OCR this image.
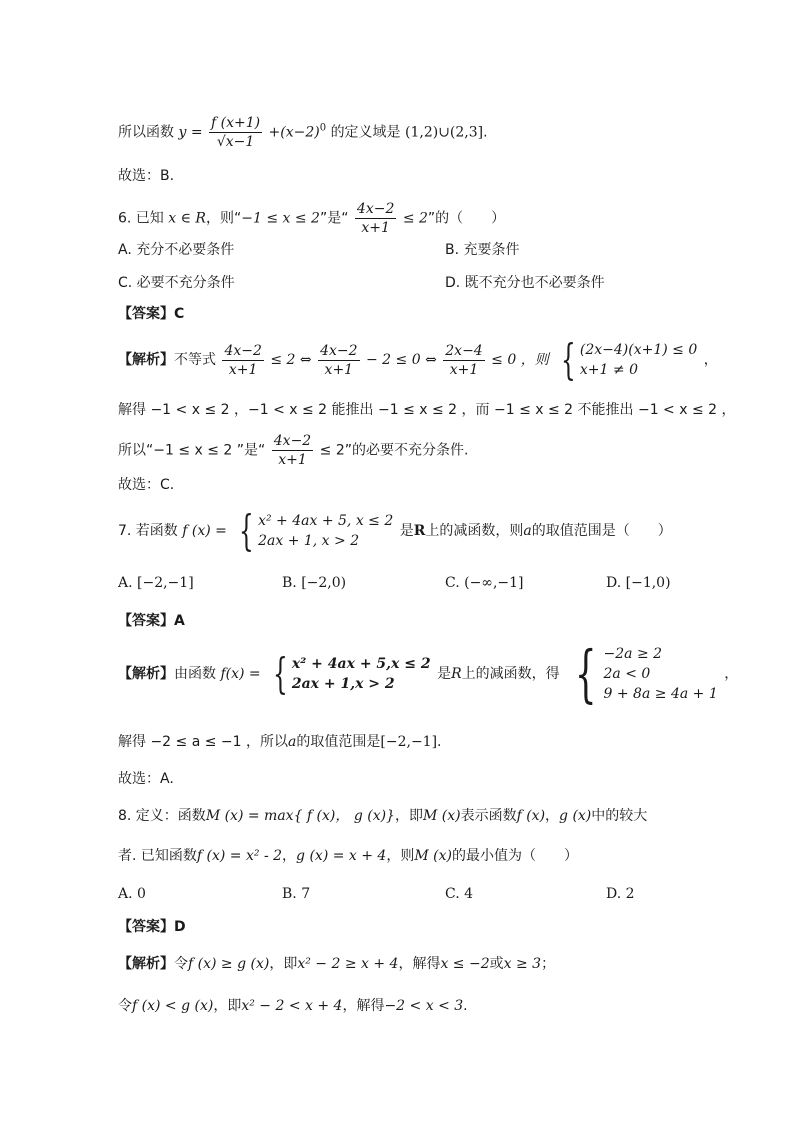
所以函数 $y = \frac{f (x+1)}{√x-1} +(x-2)^0$ 的定义域是 (1,2)∪(2,3].
故选：B.
6. 已知 x ∈ R，则“−1 ≤ x ≤ 2”是“ $\frac{4x-2}{x+1} \le 2$”的（　　）
A. 充分不必要条件	B. 充要条件
C. 必要不充分条件	D. 既不充分也不必要条件
【答案】C
【解析】不等式 $\frac{4x-2}{x+1} \le 2$ ⇔ $\frac{4x-2}{x+1} - 2 \le 0$ ⇔ $\frac{2x-4}{x+1} \le 0$ ，则 { (2x−4)(x+1) ≤ 0
x+1 ≠ 0
，
解得 −1 < x ≤ 2 ，−1 < x ≤ 2 能推出 −1 ≤ x ≤ 2 ，而 −1 ≤ x ≤ 2 不能推出 −1 < x ≤ 2 ，
所以“−1 ≤ x ≤ 2 ”是“ $\frac{4x-2}{x+1} \le 2$”的必要不充分条件.
故选：C.
7. 若函数 f (x) = { x² + 4ax + 5, x ≤ 2
2ax + 1, x > 2
是R上的减函数，则a的取值范围是（　　）
A. [−2,−1]	B. [−2,0)	C. (−∞,−1]	D. [−1,0)
【答案】A
【解析】由函数 f(x) = { x² + 4ax + 5,x ≤ 2
2ax + 1,x > 2
是R上的减函数，得 { −2a ≥ 2
2a < 0
9 + 8a ≥ 4a + 1
，
解得 −2 ≤ a ≤ −1 ，所以a的取值范围是[−2,−1].
故选：A.
8. 定义：函数M (x) = max{ f (x)， g (x)}，即M (x)表示函数f (x)，g (x)中的较大
者. 已知函数f (x) = x² - 2，g (x) = x + 4，则M (x)的最小值为（　　）
A. 0	B. 7	C. 4	D. 2
【答案】D
【解析】令f (x) ≥ g (x)，即x² − 2 ≥ x + 4，解得x ≤ −2或x ≥ 3；
令f (x) < g (x)，即x² − 2 < x + 4，解得−2 < x < 3.
